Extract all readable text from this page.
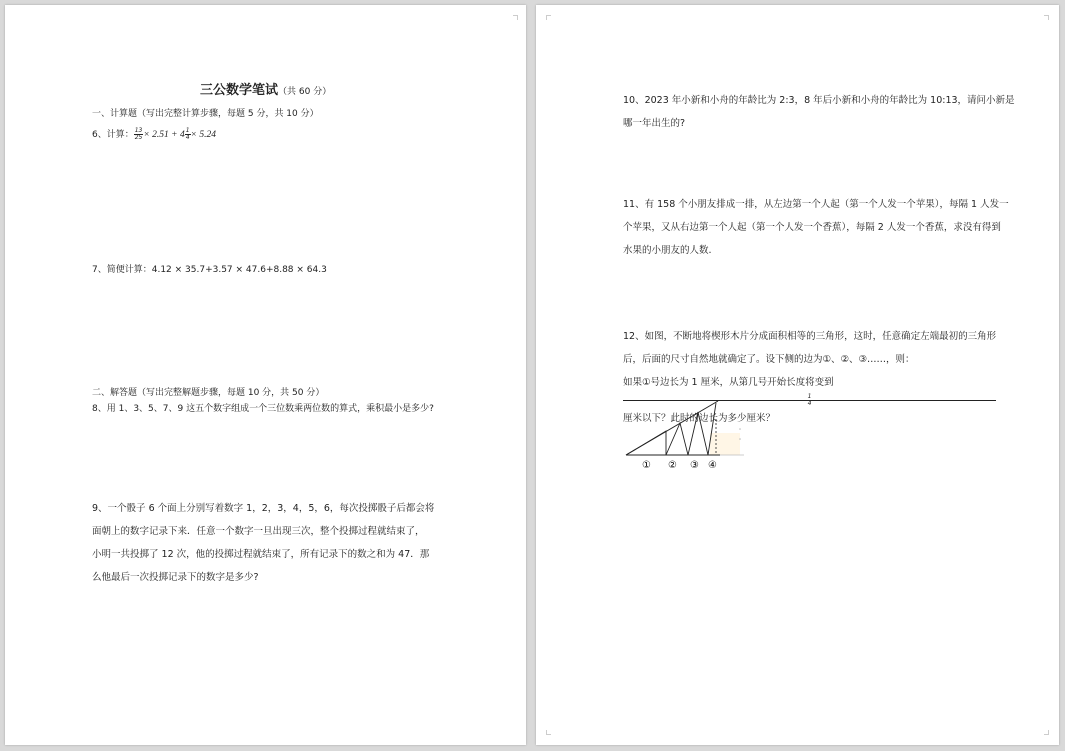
三公数学笔试（共 60 分）
一、计算题（写出完整计算步骤，每题 5 分，共 10 分）
6、计算： $\frac{13}{25} \times 2.51 + 4 \frac{1}{4} \times 5.24$
7、简便计算：4.12 × 35.7+3.57 × 47.6+8.88 × 64.3
二、解答题（写出完整解题步骤，每题 10 分，共 50 分）
8、用 1、3、5、7、9 这五个数字组成一个三位数乘两位数的算式，乘积最小是多少?
9、一个骰子 6 个面上分别写着数字 1，2，3，4，5，6，每次投掷骰子后都会将
面朝上的数字记录下来．任意一个数字一旦出现三次，整个投掷过程就结束了，
小明一共投掷了 12 次，他的投掷过程就结束了，所有记录下的数之和为 47．那
么他最后一次投掷记录下的数字是多少?
10、2023 年小新和小舟的年龄比为 2:3，8 年后小新和小舟的年龄比为 10:13，请问小新是
哪一年出生的?
11、有 158 个小朋友排成一排，从左边第一个人起（第一个人发一个苹果），每隔 1 人发一
个苹果，又从右边第一个人起（第一个人发一个香蕉），每隔 2 人发一个香蕉，求没有得到
水果的小朋友的人数.
12、如图，不断地将楔形木片分成面积相等的三角形，这时，任意确定左端最初的三角形
后，后面的尺寸自然地就确定了。设下侧的边为①、②、③……，则：
如果①号边长为 1 厘米，从第几号开始长度将变到
1
4
厘米以下？此时的边长为多少厘米？
① ② ③ ④
